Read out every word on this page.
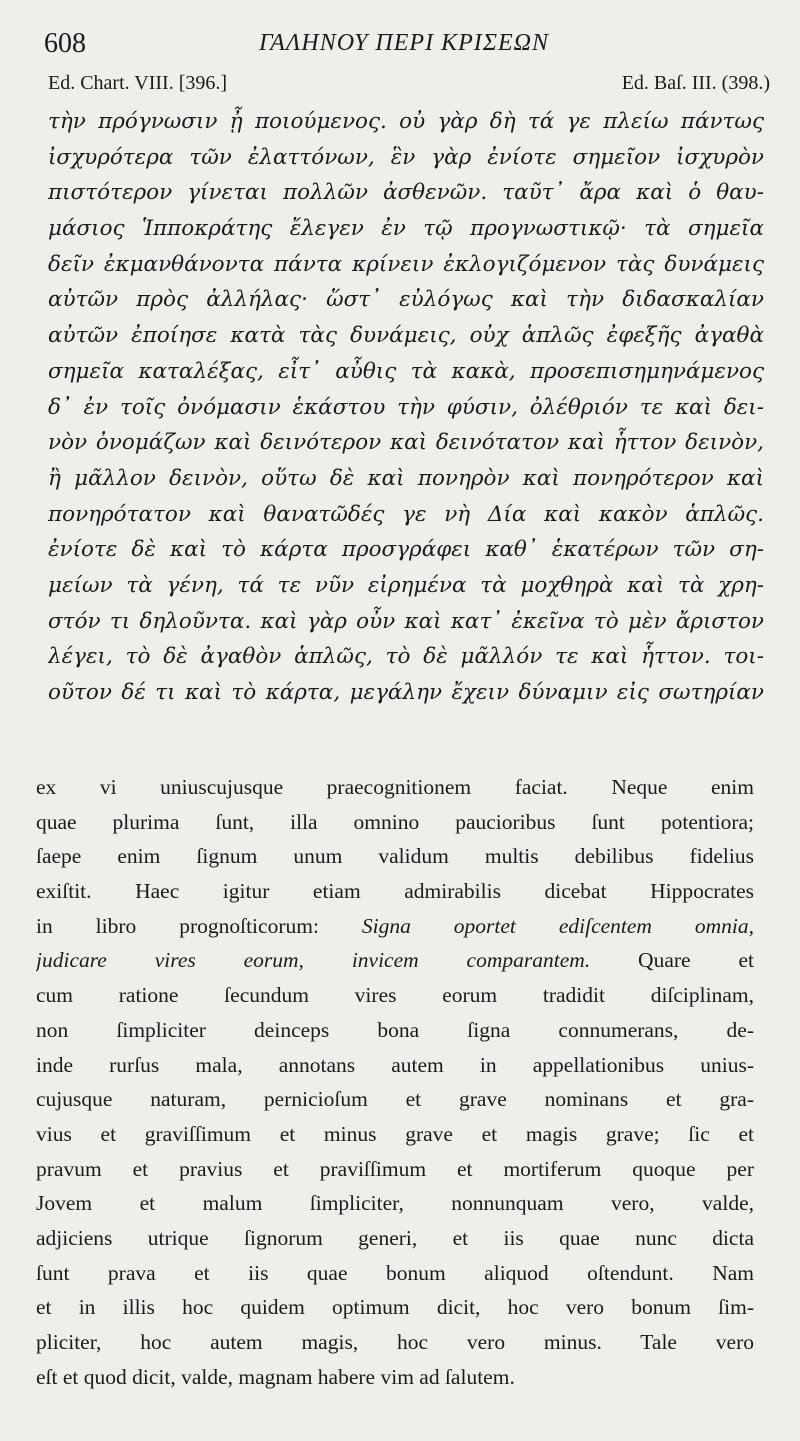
608	ΓΑΛΗΝΟΥ ΠΕΡΙ ΚΡΙΣΕΩΝ
Ed. Chart. VIII. [396.]	Ed. Baſ. III. (398.)
τὴν πρόγνωσιν ᾖ ποιούμενος. οὐ γὰρ δὴ τά γε πλείω πάντως
ἰσχυρότερα τῶν ἐλαττόνων, ἓν γὰρ ἐνίοτε σημεῖον ἰσχυρὸν
πιστότερον γίνεται πολλῶν ἀσθενῶν. ταῦτ᾽ ἄρα καὶ ὁ θαυ-
μάσιος Ἱπποκράτης ἔλεγεν ἐν τῷ προγνωστικῷ· τὰ σημεῖα
δεῖν ἐκμανθάνοντα πάντα κρίνειν ἐκλογιζόμενον τὰς δυνάμεις
αὐτῶν πρὸς ἀλλήλας· ὥστ᾽ εὐλόγως καὶ τὴν διδασκαλίαν
αὐτῶν ἐποίησε κατὰ τὰς δυνάμεις, οὐχ ἁπλῶς ἐφεξῆς ἀγαθὰ
σημεῖα καταλέξας, εἶτ᾽ αὖθις τὰ κακὰ, προσεπισημηνάμενος
δ᾽ ἐν τοῖς ὀνόμασιν ἑκάστου τὴν φύσιν, ὀλέθριόν τε καὶ δει-
νὸν ὀνομάζων καὶ δεινότερον καὶ δεινότατον καὶ ἧττον δεινὸν,
ἢ μᾶλλον δεινὸν, οὕτω δὲ καὶ πονηρὸν καὶ πονηρότερον καὶ
πονηρότατον καὶ θανατῶδές γε νὴ Δία καὶ κακὸν ἁπλῶς.
ἐνίοτε δὲ καὶ τὸ κάρτα προσγράφει καθ᾽ ἑκατέρων τῶν ση-
μείων τὰ γένη, τά τε νῦν εἰρημένα τὰ μοχθηρὰ καὶ τὰ χρη-
στόν τι δηλοῦντα. καὶ γὰρ οὖν καὶ κατ᾽ ἐκεῖνα τὸ μὲν ἄριστον
λέγει, τὸ δὲ ἀγαθὸν ἁπλῶς, τὸ δὲ μᾶλλόν τε καὶ ἧττον. τοι-
οῦτον δέ τι καὶ τὸ κάρτα, μεγάλην ἔχειν δύναμιν εἰς σωτηρίαν
ex vi uniuscujusque praecognitionem faciat. Neque enim
quae plurima ſunt, illa omnino paucioribus ſunt potentiora;
ſaepe enim ſignum unum validum multis debilibus fidelius
exiſtit. Haec igitur etiam admirabilis dicebat Hippocrates
in libro prognoſticorum: Signa oportet ediſcentem omnia,
judicare vires eorum, invicem comparantem. Quare et
cum ratione ſecundum vires eorum tradidit diſciplinam,
non ſimpliciter deinceps bona ſigna connumerans, de-
inde rurſus mala, annotans autem in appellationibus unius-
cujusque naturam, pernicioſum et grave nominans et gra-
vius et graviſſimum et minus grave et magis grave; ſic et
pravum et pravius et praviſſimum et mortiferum quoque per
Jovem et malum ſimpliciter, nonnunquam vero, valde,
adjiciens utrique ſignorum generi, et iis quae nunc dicta
ſunt prava et iis quae bonum aliquod oſtendunt. Nam
et in illis hoc quidem optimum dicit, hoc vero bonum ſim-
pliciter, hoc autem magis, hoc vero minus. Tale vero
eſt et quod dicit, valde, magnam habere vim ad ſalutem.
